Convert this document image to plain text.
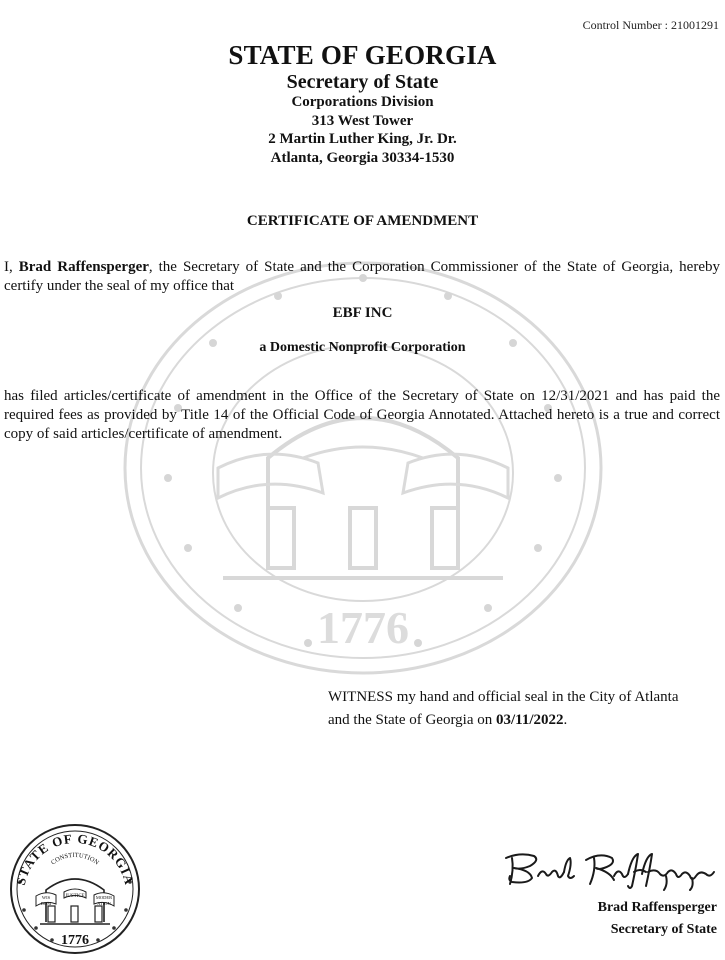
Control Number : 21001291
STATE OF GEORGIA
Secretary of State
Corporations Division
313 West Tower
2 Martin Luther King, Jr. Dr.
Atlanta, Georgia 30334-1530
1776
CERTIFICATE OF AMENDMENT
I, Brad Raffensperger, the Secretary of State and the Corporation Commissioner of the State of Georgia, hereby certify under the seal of my office that
EBF INC
a Domestic Nonprofit Corporation
has filed articles/certificate of amendment in the Office of the Secretary of State on 12/31/2021 and has paid the required fees as provided by Title 14 of the Official Code of Georgia Annotated. Attached hereto is a true and correct copy of said articles/certificate of amendment.
WITNESS my hand and official seal in the City of Atlanta
and the State of Georgia on 03/11/2022.
STATE OF GEORGIA
CONSTITUTION
JUSTICE
WIS
DOM
MODER
ATION
1776
Brad Raffensperger
Secretary of State
